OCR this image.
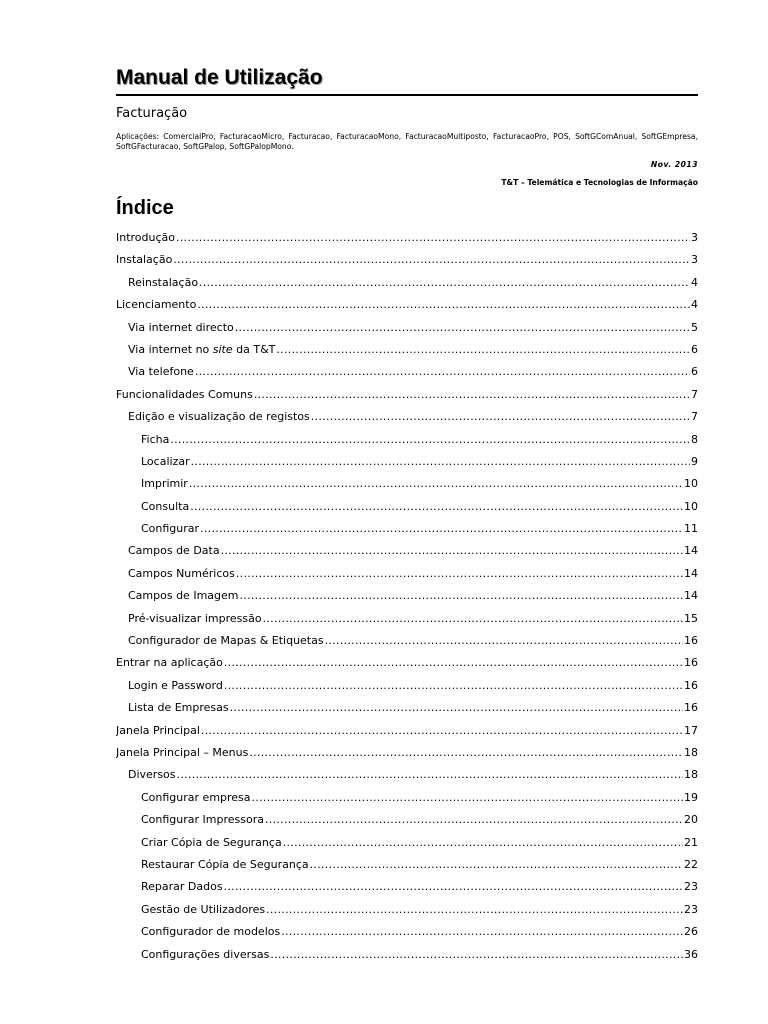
Manual de Utilização
Facturação
Aplicações: ComercialPro, FacturacaoMicro, Facturacao, FacturacaoMono, FacturacaoMultiposto, FacturacaoPro, POS, SoftGComAnual, SoftGEmpresa, SoftGFacturacao, SoftGPalop, SoftGPalopMono.
Nov. 2013
T&T – Telemática e Tecnologias de Informação
Índice
Introdução .....	3
Instalação .....	3
Reinstalação .....	4
Licenciamento .....	4
Via internet directo .....	5
Via internet no site da T&T .....	6
Via telefone .....	6
Funcionalidades Comuns .....	7
Edição e visualização de registos .....	7
Ficha .....	8
Localizar .....	9
Imprimir .....	10
Consulta .....	10
Configurar .....	11
Campos de Data .....	14
Campos Numéricos .....	14
Campos de Imagem .....	14
Pré-visualizar impressão .....	15
Configurador de Mapas & Etiquetas .....	16
Entrar na aplicação .....	16
Login e Password .....	16
Lista de Empresas .....	16
Janela Principal .....	17
Janela Principal – Menus .....	18
Diversos .....	18
Configurar empresa .....	19
Configurar Impressora .....	20
Criar Cópia de Segurança .....	21
Restaurar Cópia de Segurança .....	22
Reparar Dados .....	23
Gestão de Utilizadores .....	23
Configurador de modelos .....	26
Configurações diversas .....	36
